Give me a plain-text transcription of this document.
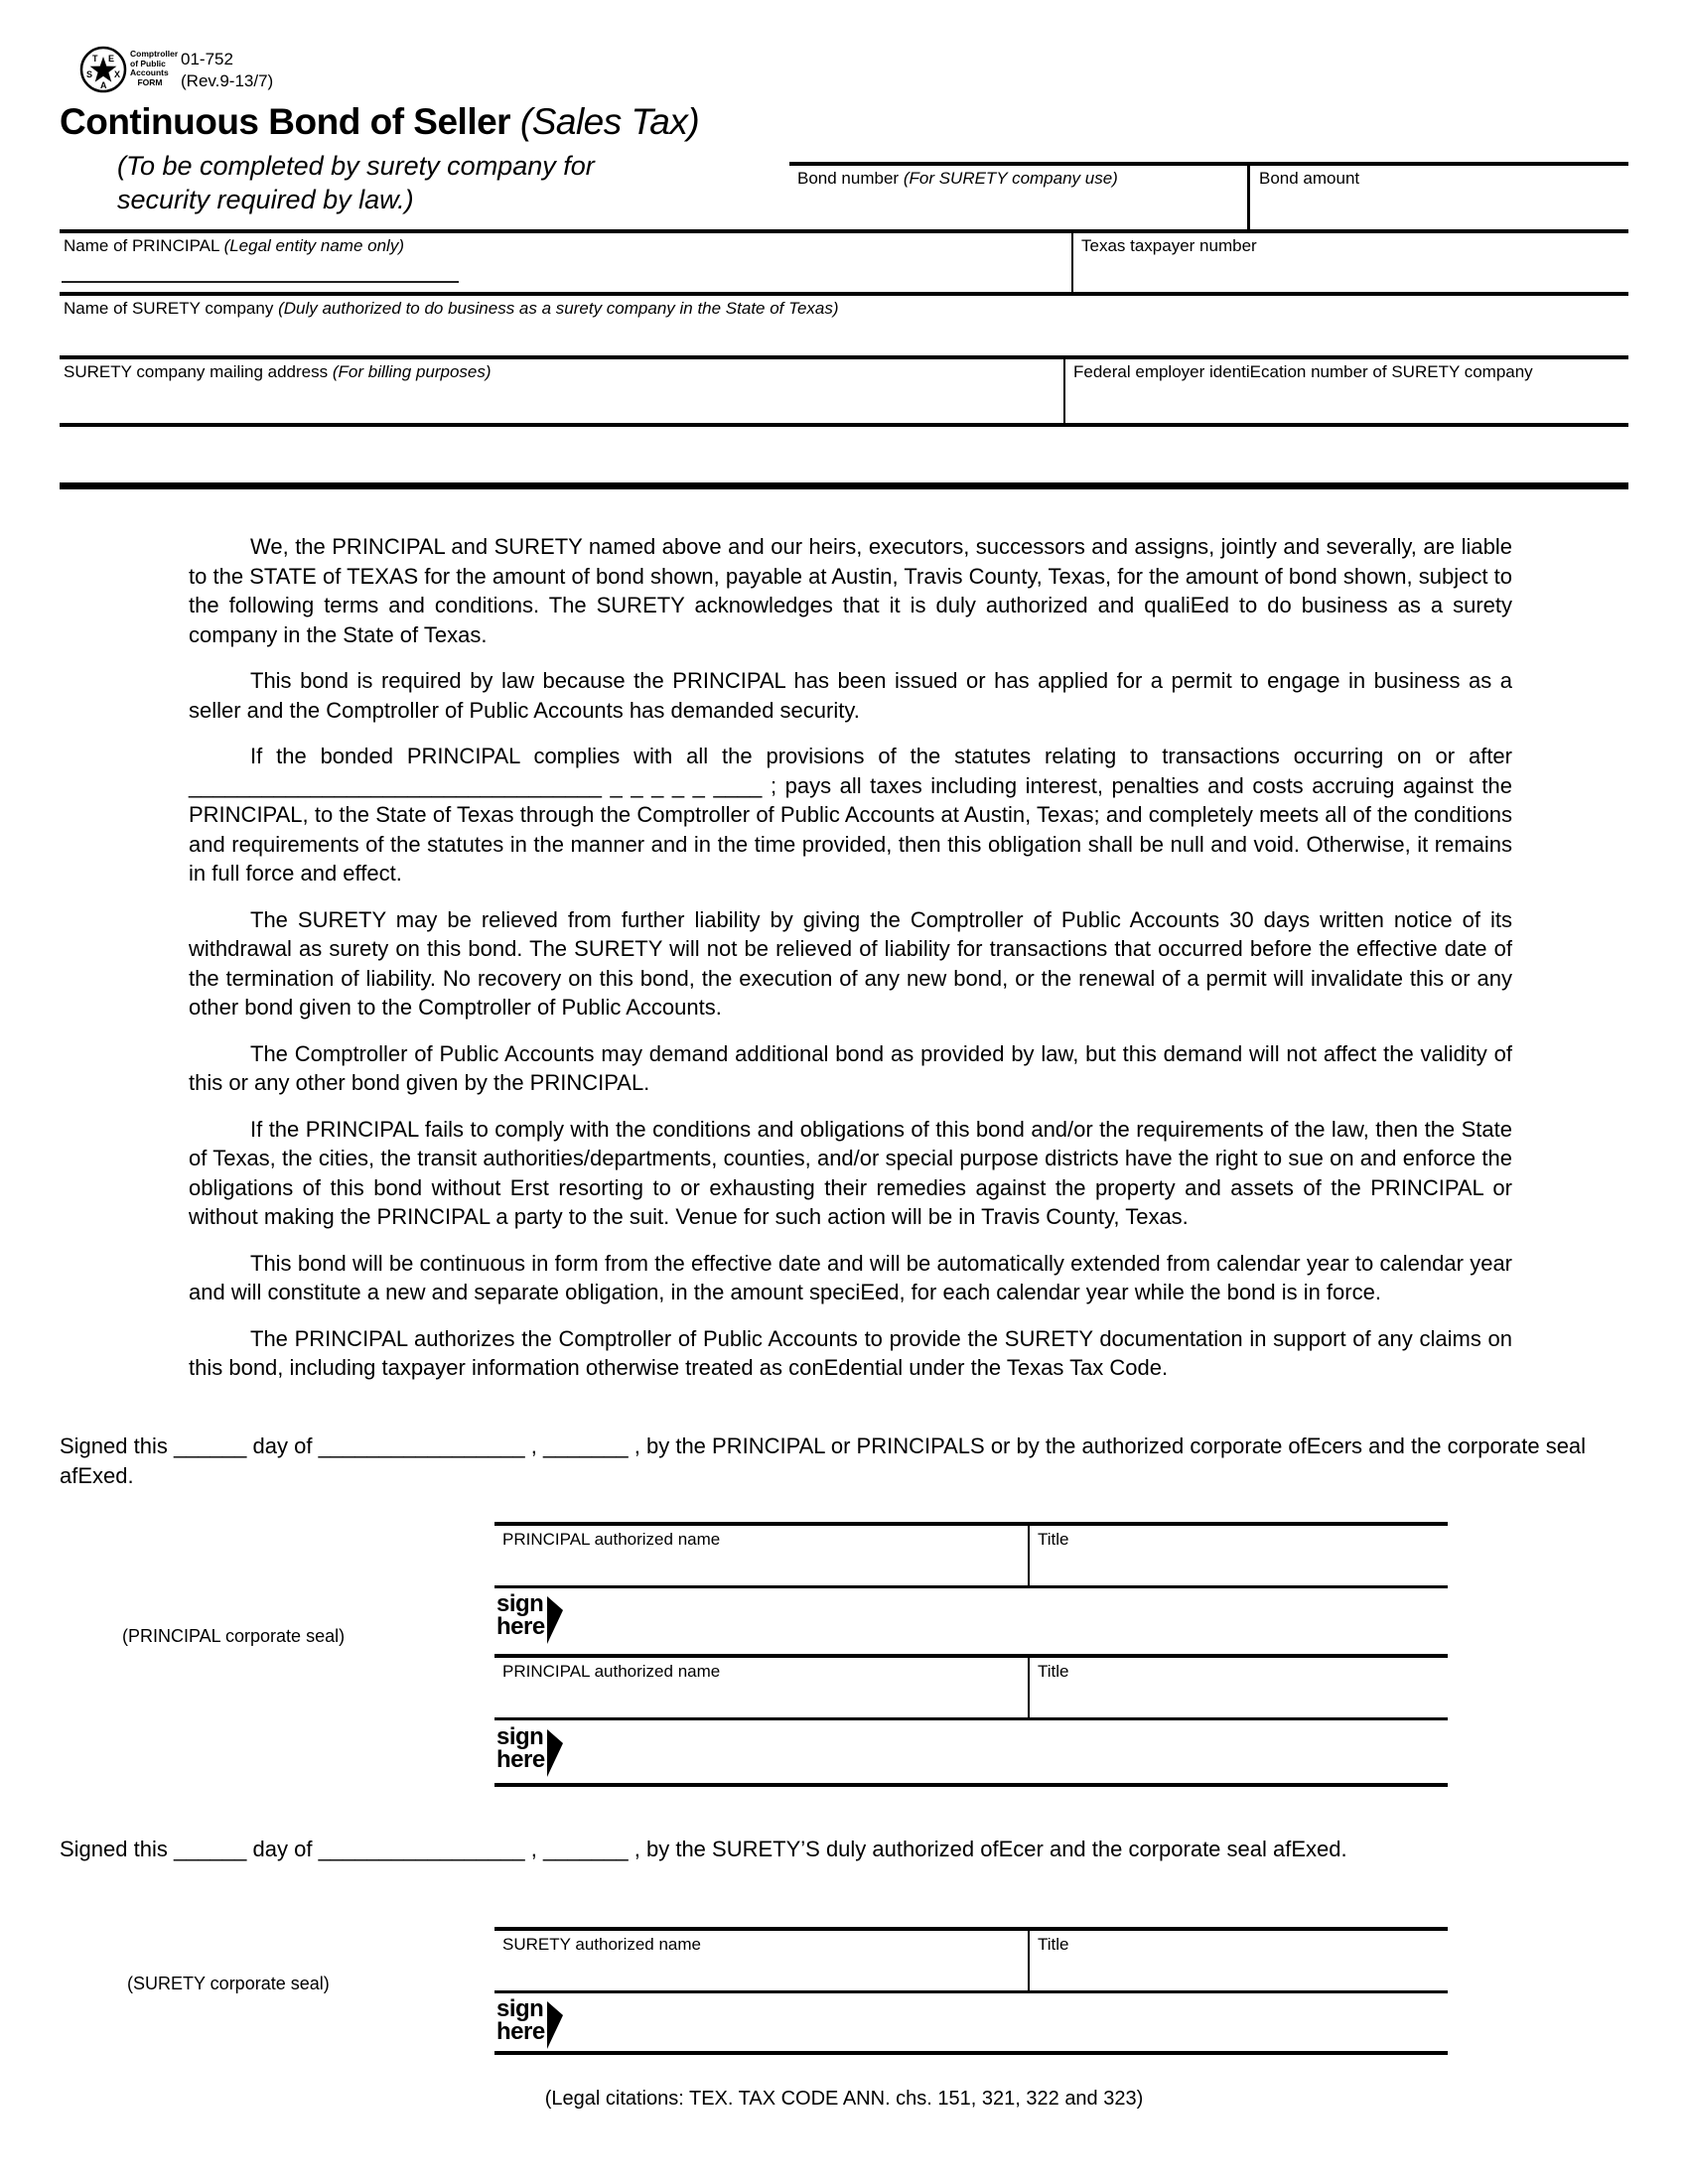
T E
S X
A
Comptroller
of Public
Accounts
FORM
01-752
(Rev.9-13/7)
Continuous Bond of Seller (Sales Tax)
(To be completed by surety company for
security required by law.)
Bond number (For SURETY company use)	Bond amount
Name of PRINCIPAL (Legal entity name only)	Texas taxpayer number
Name of SURETY company (Duly authorized to do business as a surety company in the State of Texas)
SURETY company mailing address (For billing purposes)	Federal employer identiEcation number of SURETY company

We, the PRINCIPAL and SURETY named above and our heirs, executors, successors and assigns, jointly and severally, are liable to the STATE of TEXAS for the amount of bond shown, payable at Austin, Travis County, Texas, for the amount of bond shown, subject to the following terms and conditions. The SURETY acknowledges that it is duly authorized and qualiEed to do business as a surety company in the State of Texas.

This bond is required by law because the PRINCIPAL has been issued or has applied for a permit to engage in business as a seller and the Comptroller of Public Accounts has demanded security.

If the bonded PRINCIPAL complies with all the provisions of the statutes relating to transactions occurring on or after
__________________________________ _ _ _ _ _ ____ ; pays all taxes including interest, penalties and costs accruing against the PRINCIPAL, to the State of Texas through the Comptroller of Public Accounts at Austin, Texas; and completely meets all of the conditions and requirements of the statutes in the manner and in the time provided, then this obligation shall be null and void. Otherwise, it remains in full force and effect.

The SURETY may be relieved from further liability by giving the Comptroller of Public Accounts 30 days written notice of its withdrawal as surety on this bond. The SURETY will not be relieved of liability for transactions that occurred before the effective date of the termination of liability. No recovery on this bond, the execution of any new bond, or the renewal of a permit will invalidate this or any other bond given to the Comptroller of Public Accounts.

The Comptroller of Public Accounts may demand additional bond as provided by law, but this demand will not affect the validity of this or any other bond given by the PRINCIPAL.

If the PRINCIPAL fails to comply with the conditions and obligations of this bond and/or the requirements of the law, then the State of Texas, the cities, the transit authorities/departments, counties, and/or special purpose districts have the right to sue on and enforce the obligations of this bond without Erst resorting to or exhausting their remedies against the property and assets of the PRINCIPAL or without making the PRINCIPAL a party to the suit. Venue for such action will be in Travis County, Texas.

This bond will be continuous in form from the effective date and will be automatically extended from calendar year to calendar year and will constitute a new and separate obligation, in the amount speciEed, for each calendar year while the bond is in force.

The PRINCIPAL authorizes the Comptroller of Public Accounts to provide the SURETY documentation in support of any claims on this bond, including taxpayer information otherwise treated as conEdential under the Texas Tax Code.

Signed this ______ day of _________________ , _______ , by the PRINCIPAL or PRINCIPALS or by the authorized corporate ofEcers and the corporate seal afExed.
PRINCIPAL authorized name	Title
(PRINCIPAL corporate seal)
sign
here
PRINCIPAL authorized name	Title
sign
here
Signed this ______ day of _________________ , _______ , by the SURETY’S duly authorized ofEcer and the corporate seal afExed.
SURETY authorized name	Title
(SURETY corporate seal)
sign
here
(Legal citations: TEX. TAX CODE ANN. chs. 151, 321, 322 and 323)
